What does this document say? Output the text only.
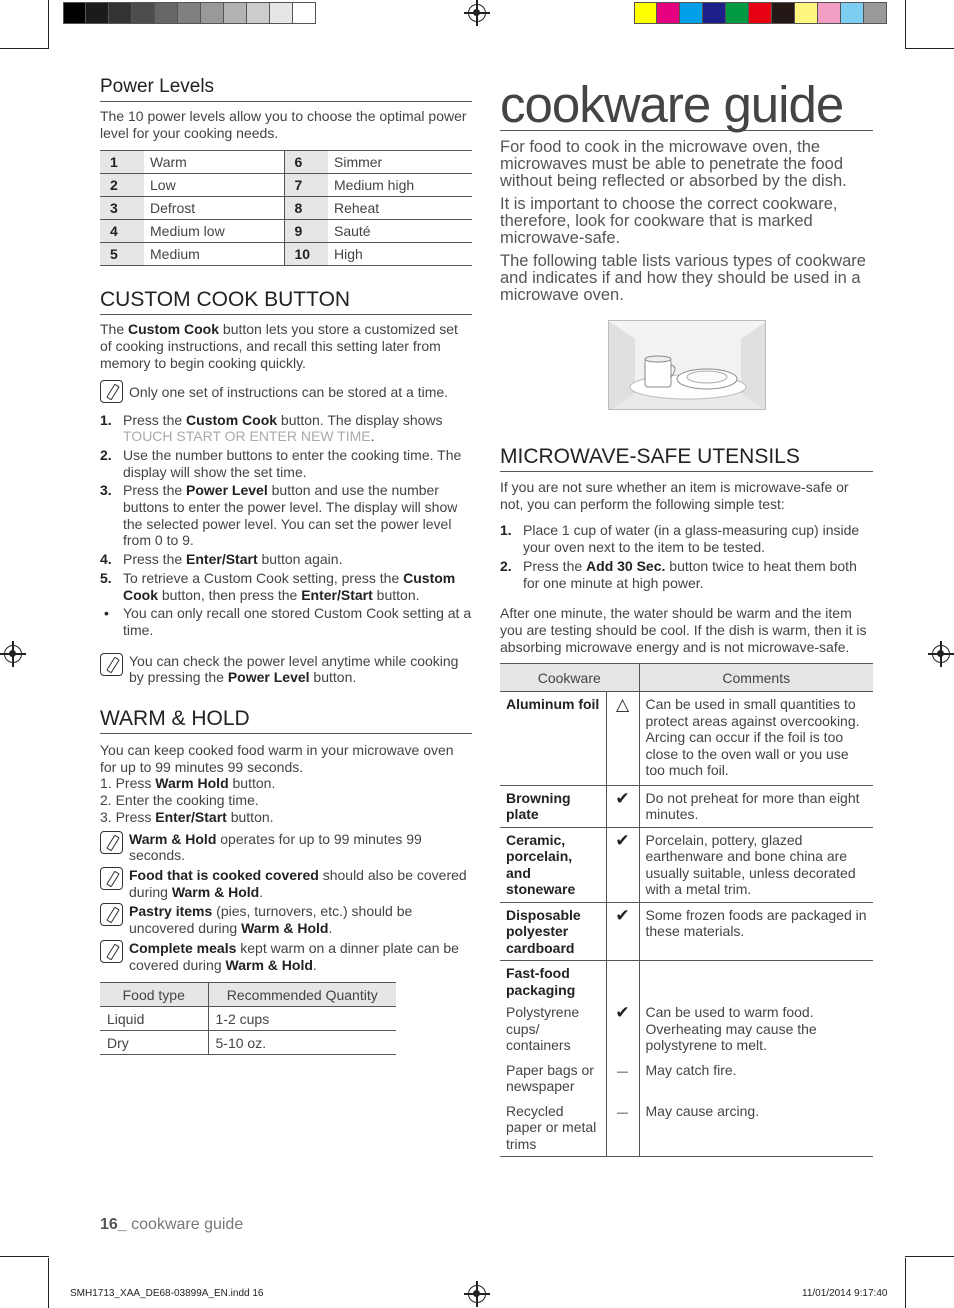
Power Levels

The 10 power levels allow you to choose the optimal power level for your cooking needs.

1	Warm	6	Simmer
2	Low	7	Medium high
3	Defrost	8	Reheat
4	Medium low	9	Sauté
5	Medium	10	High
CUSTOM COOK BUTTON

The Custom Cook button lets you store a customized set of cooking instructions, and recall this setting later from memory to begin cooking quickly.

Only one set of instructions can be stored at a time.

1. Press the Custom Cook button. The display shows TOUCH START OR ENTER NEW TIME.
2. Use the number buttons to enter the cooking time. The display will show the set time.
3. Press the Power Level button and use the number buttons to enter the power level. The display will show the selected power level. You can set the power level from 0 to 9.
4. Press the Enter/Start button again.
5. To retrieve a Custom Cook setting, press the Custom Cook button, then press the Enter/Start button.
•	You can only recall one stored Custom Cook setting at a time.

You can check the power level anytime while cooking by pressing the Power Level button.

WARM & HOLD

You can keep cooked food warm in your microwave oven for up to 99 minutes 99 seconds.

1. Press Warm Hold button.

2. Enter the cooking time.

3. Press Enter/Start button.

Warm & Hold operates for up to 99 minutes 99 seconds.

Food that is cooked covered should also be covered during Warm & Hold.

Pastry items (pies, turnovers, etc.) should be uncovered during Warm & Hold.

Complete meals kept warm on a dinner plate can be covered during Warm & Hold.

Food type	Recommended Quantity
Liquid	1-2 cups
Dry	5-10 oz.
cookware guide

For food to cook in the microwave oven, the microwaves must be able to penetrate the food without being reflected or absorbed by the dish.

It is important to choose the correct cookware, therefore, look for cookware that is marked microwave-safe.

The following table lists various types of cookware and indicates if and how they should be used in a microwave oven.

MICROWAVE-SAFE UTENSILS

If you are not sure whether an item is microwave-safe or not, you can perform the following simple test:

1. Place 1 cup of water (in a glass-measuring cup) inside your oven next to the item to be tested.
2. Press the Add 30 Sec. button twice to heat them both for one minute at high power.

After one minute, the water should be warm and the item you are testing should be cool. If the dish is warm, then it is absorbing microwave energy and is not microwave-safe.

Cookware		Comments
Aluminum foil	△	Can be used in small quantities to protect areas against overcooking. Arcing can occur if the foil is too close to the oven wall or you use too much foil.
Browning plate	✔	Do not preheat for more than eight minutes.
Ceramic, porcelain, and stoneware	✔	Porcelain, pottery, glazed earthenware and bone china are usually suitable, unless decorated with a metal trim.
Disposable polyester cardboard	✔	Some frozen foods are packaged in these materials.
Fast-food packaging		
Polystyrene cups/ containers	✔	Can be used to warm food. Overheating may cause the polystyrene to melt.
Paper bags or newspaper	—	May catch fire.
Recycled paper or metal trims	—	May cause arcing.
16_ cookware guide
SMH1713_XAA_DE68-03899A_EN.indd 16	11/01/2014 9:17:40
